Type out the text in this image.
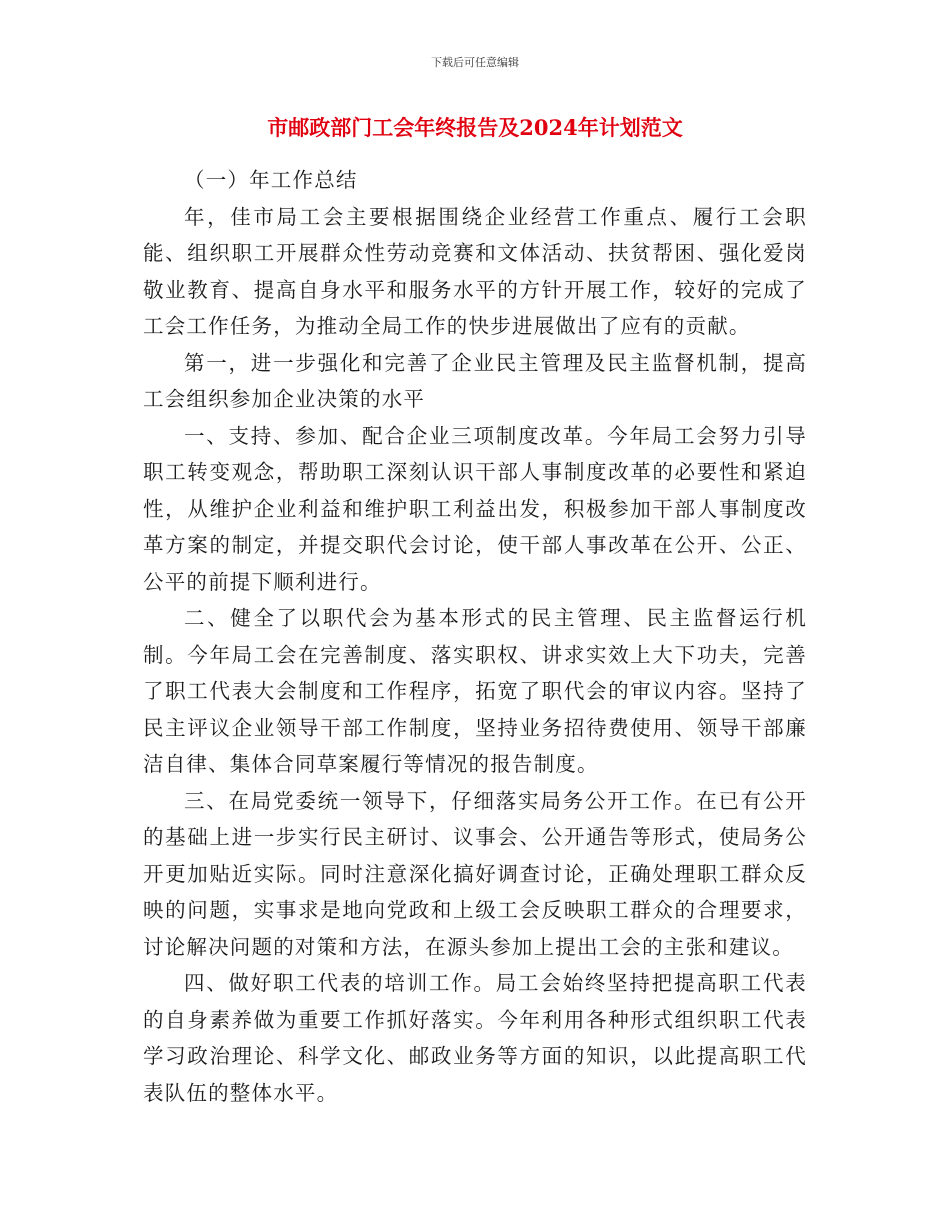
下载后可任意编辑
市邮政部门工会年终报告及2024年计划范文

（一）年工作总结

年，佳市局工会主要根据围绕企业经营工作重点、履行工会职能、组织职工开展群众性劳动竞赛和文体活动、扶贫帮困、强化爱岗敬业教育、提高自身水平和服务水平的方针开展工作，较好的完成了工会工作任务，为推动全局工作的快步进展做出了应有的贡献。

第一，进一步强化和完善了企业民主管理及民主监督机制，提高工会组织参加企业决策的水平

一、支持、参加、配合企业三项制度改革。今年局工会努力引导职工转变观念，帮助职工深刻认识干部人事制度改革的必要性和紧迫性，从维护企业利益和维护职工利益出发，积极参加干部人事制度改革方案的制定，并提交职代会讨论，使干部人事改革在公开、公正、公平的前提下顺利进行。

二、健全了以职代会为基本形式的民主管理、民主监督运行机制。今年局工会在完善制度、落实职权、讲求实效上大下功夫，完善了职工代表大会制度和工作程序，拓宽了职代会的审议内容。坚持了民主评议企业领导干部工作制度，坚持业务招待费使用、领导干部廉洁自律、集体合同草案履行等情况的报告制度。

三、在局党委统一领导下，仔细落实局务公开工作。在已有公开的基础上进一步实行民主研讨、议事会、公开通告等形式，使局务公开更加贴近实际。同时注意深化搞好调查讨论，正确处理职工群众反映的问题，实事求是地向党政和上级工会反映职工群众的合理要求，讨论解决问题的对策和方法，在源头参加上提出工会的主张和建议。

四、做好职工代表的培训工作。局工会始终坚持把提高职工代表的自身素养做为重要工作抓好落实。今年利用各种形式组织职工代表学习政治理论、科学文化、邮政业务等方面的知识，以此提高职工代表队伍的整体水平。
